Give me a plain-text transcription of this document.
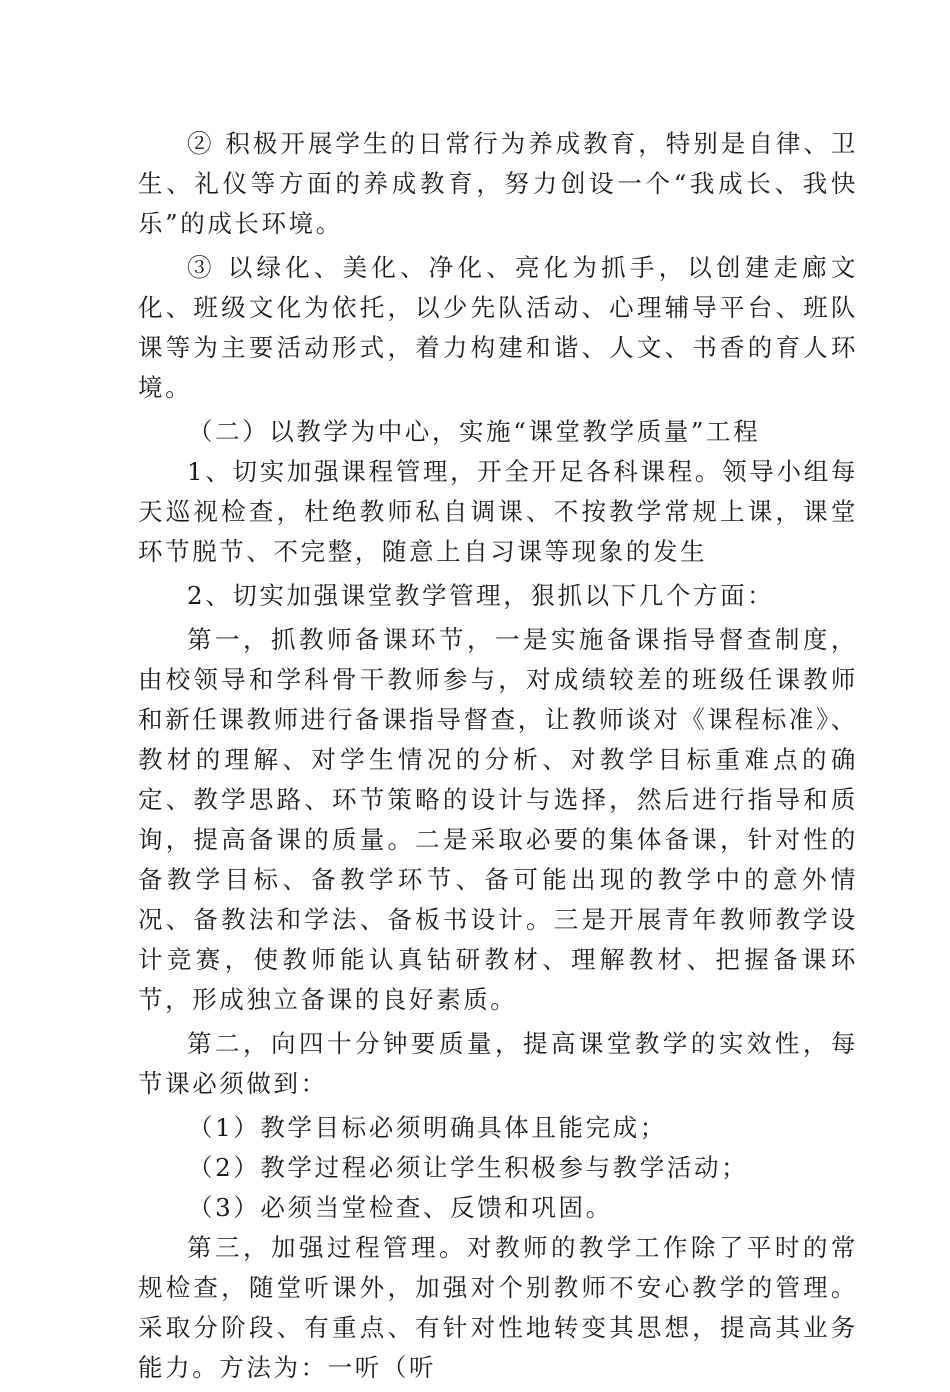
② 积极开展学生的日常行为养成教育，特别是自律、卫生、礼仪等方面的养成教育，努力创设一个“我成长、我快乐”的成长环境。

③ 以绿化、美化、净化、亮化为抓手，以创建走廊文化、班级文化为依托，以少先队活动、心理辅导平台、班队课等为主要活动形式，着力构建和谐、人文、书香的育人环境。

（二）以教学为中心，实施“课堂教学质量”工程

1、切实加强课程管理，开全开足各科课程。领导小组每天巡视检查，杜绝教师私自调课、不按教学常规上课，课堂环节脱节、不完整，随意上自习课等现象的发生

2、切实加强课堂教学管理，狠抓以下几个方面：

第一，抓教师备课环节，一是实施备课指导督查制度，由校领导和学科骨干教师参与，对成绩较差的班级任课教师和新任课教师进行备课指导督查，让教师谈对《课程标准》、教材的理解、对学生情况的分析、对教学目标重难点的确定、教学思路、环节策略的设计与选择，然后进行指导和质询，提高备课的质量。二是采取必要的集体备课，针对性的备教学目标、备教学环节、备可能出现的教学中的意外情况、备教法和学法、备板书设计。三是开展青年教师教学设计竞赛，使教师能认真钻研教材、理解教材、把握备课环节，形成独立备课的良好素质。

第二，向四十分钟要质量，提高课堂教学的实效性，每节课必须做到：

（1）教学目标必须明确具体且能完成；

（2）教学过程必须让学生积极参与教学活动；

（3）必须当堂检查、反馈和巩固。

第三，加强过程管理。对教师的教学工作除了平时的常规检查，随堂听课外，加强对个别教师不安心教学的管理。采取分阶段、有重点、有针对性地转变其思想，提高其业务能力。方法为：一听（听
